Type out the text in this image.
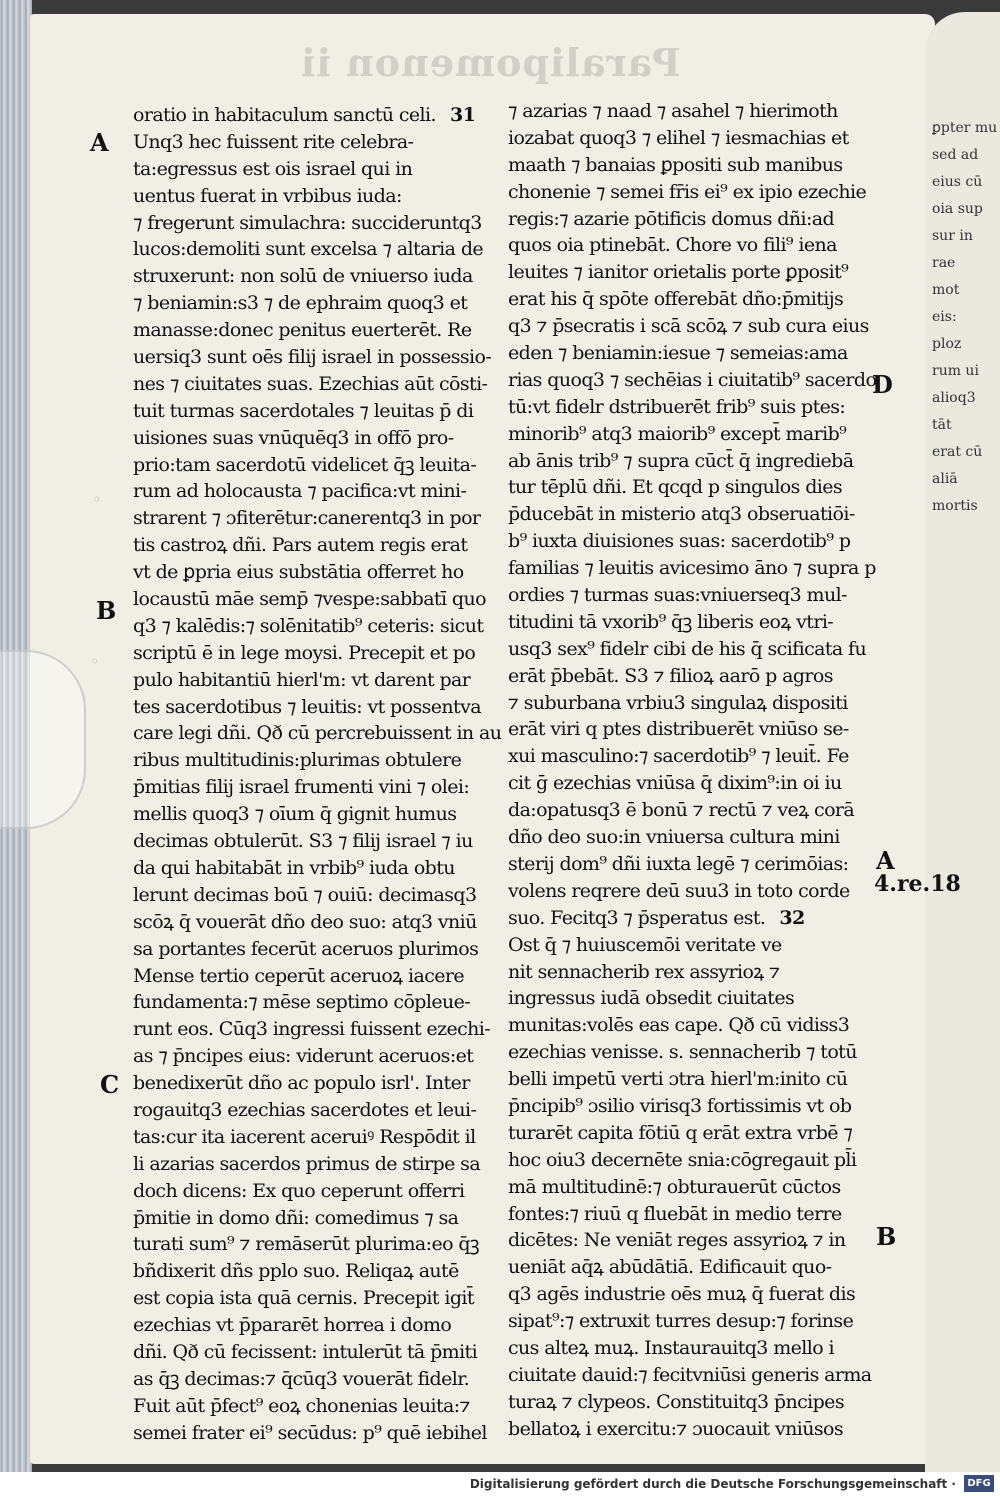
Paralipomenon ii
oratio in habitaculum sanctū celi. 31
Unq3 hec fuissent rite celebra-
ta:egressus est ois israel qui in
uentus fuerat in vrbibus iuda:
⁊ fregerunt simulachra: succideruntq3
lucos:demoliti sunt excelsa ⁊ altaria de
struxerunt: non solū de vniuerso iuda
⁊ beniamin:s3 ⁊ de ephraim quoq3 et
manasse:donec penitus euerterēt. Re
uersiq3 sunt oēs filij israel in possessio-
nes ⁊ ciuitates suas. Ezechias aūt cōsti-
tuit turmas sacerdotales ⁊ leuitas p̄ di
uisiones suas vnūquēq3 in offō pro-
prio:tam sacerdotū videlicet q̄ꝫ leuita-
rum ad holocausta ⁊ pacifica:vt mini-
strarent ⁊ ɔfiterētur:canerentq3 in por
tis castroꝝ dñi. Pars autem regis erat
vt de ꝑpria eius substātia offerret ho
locaustū māe semp̄ ⁊vespe:sabbatī quo
q3 ⁊ kalēdis:⁊ solēnitatib⁹ ceteris: sicut
scriptū ē in lege moysi. Precepit et po
pulo habitantiū hierl'm: vt darent par
tes sacerdotibus ⁊ leuitis: vt possentva
care legi dñi. Qð cū percrebuissent in au
ribus multitudinis:plurimas obtulere
p̄mitias filij israel frumenti vini ⁊ olei:
mellis quoq3 ⁊ oīum q̄ gignit humus
decimas obtulerūt. S3 ⁊ filij israel ⁊ iu
da qui habitabāt in vrbib⁹ iuda obtu
lerunt decimas boū ⁊ ouiū: decimasq3
scōꝝ q̄ vouerāt dño deo suo: atq3 vniū
sa portantes fecerūt aceruos plurimos
Mense tertio ceperūt aceruoꝝ iacere
fundamenta:⁊ mēse septimo cōpleue-
runt eos. Cūq3 ingressi fuissent ezechi-
as ⁊ p̄ncipes eius: viderunt aceruos:et
benedixerūt dño ac populo isrl'. Inter
rogauitq3 ezechias sacerdotes et leui-
tas:cur ita iacerent aceruiꝰ Respōdit il
li azarias sacerdos primus de stirpe sa
doch dicens: Ex quo ceperunt offerri
p̄mitie in domo dñi: comedimus ⁊ sa
turati sum⁹ ⁊ remāserūt plurima:eo q̄ꝫ
bñdixerit dñs pplo suo. Reliqaꝝ autē
est copia ista quā cernis. Precepit igit̄
ezechias vt p̄pararēt horrea i domo
dñi. Qð cū fecissent: intulerūt tā p̄miti
as q̄ꝫ decimas:⁊ q̄cūq3 vouerāt fidelr.
Fuit aūt p̄fect⁹ eoꝝ chonenias leuita:⁊
semei frater ei⁹ secūdus: p⁹ quē iebihel
⁊ azarias ⁊ naad ⁊ asahel ⁊ hierimoth
iozabat quoq3 ⁊ elihel ⁊ iesmachias et
maath ⁊ banaias ꝑpositi sub manibus
chonenie ⁊ semei fr̄is ei⁹ ex ipio ezechie
regis:⁊ azarie pōtificis domus dñi:ad
quos oia ptinebāt. Chore vo fili⁹ iena
leuites ⁊ ianitor orietalis porte ꝑposit⁹
erat his q̄ spōte offerebāt dño:p̄mitijs
q3 ⁊ p̄secratis i scā scōꝝ ⁊ sub cura eius
eden ⁊ beniamin:iesue ⁊ semeias:ama
rias quoq3 ⁊ sechēias i ciuitatib⁹ sacerdo
tū:vt fidelr dstribuerēt frib⁹ suis ptes:
minorib⁹ atq3 maiorib⁹ except̄ marib⁹
ab ānis trib⁹ ⁊ supra cūct̄ q̄ ingrediebā
tur tēplū dñi. Et qcqd p singulos dies
p̄ducebāt in misterio atq3 obseruatiōi-
b⁹ iuxta diuisiones suas: sacerdotib⁹ p
familias ⁊ leuitis avicesimo āno ⁊ supra p
ordies ⁊ turmas suas:vniuerseq3 mul-
titudini tā vxorib⁹ q̄ꝫ liberis eoꝝ vtri-
usq3 sex⁹ fidelr cibi de his q̄ scificata fu
erāt p̄bebāt. S3 ⁊ filioꝝ aarō p agros
⁊ suburbana vrbiu3 singulaꝝ dispositi
erāt viri q ptes distribuerēt vniūso se-
xui masculino:⁊ sacerdotib⁹ ⁊ leuit̄. Fe
cit ḡ ezechias vniūsa q̄ dixim⁹:in oi iu
da:opatusq3 ē bonū ⁊ rectū ⁊ veꝝ corā
dño deo suo:in vniuersa cultura mini
sterij dom⁹ dñi iuxta legē ⁊ cerimōias:
volens reqrere deū suu3 in toto corde
suo. Fecitq3 ⁊ p̄speratus est. 32
Ost q̄ ⁊ huiuscemōi veritate ve
nit sennacherib rex assyrioꝝ ⁊
ingressus iudā obsedit ciuitates
munitas:volēs eas cape. Qð cū vidiss3
ezechias venisse. s. sennacherib ⁊ totū
belli impetū verti ɔtra hierl'm:inito cū
p̄ncipib⁹ ɔsilio virisq3 fortissimis vt ob
turarēt capita fōtiū q erāt extra vrbē ⁊
hoc oiu3 decernēte snia:cōgregauit pl̄i
mā multitudinē:⁊ obturauerūt cūctos
fontes:⁊ riuū q fluebāt in medio terre
dicētes: Ne veniāt reges assyrioꝝ ⁊ in
ueniāt aq̄ꝝ abūdātiā. Edificauit quo-
q3 agēs industrie oēs muꝝ q̄ fuerat dis
sipat⁹:⁊ extruxit turres desup:⁊ forinse
cus alteꝝ muꝝ. Instaurauitq3 mello i
ciuitate dauid:⁊ fecitvniūsi generis arma
turaꝝ ⁊ clypeos. Constituitq3 p̄ncipes
bellatoꝝ i exercitu:⁊ ɔuocauit vniūsos
A
B
C
D
A
B
4.re.18
◦
◦
ꝑpter mu
sed ad
eius cū
oia sup
sur in
rae
mot
eis:
ploz
rum ui
alioq3
tāt
erat cū
aliā
mortis
Digitalisierung gefördert durch die Deutsche Forschungsgemeinschaft ·	DFG
